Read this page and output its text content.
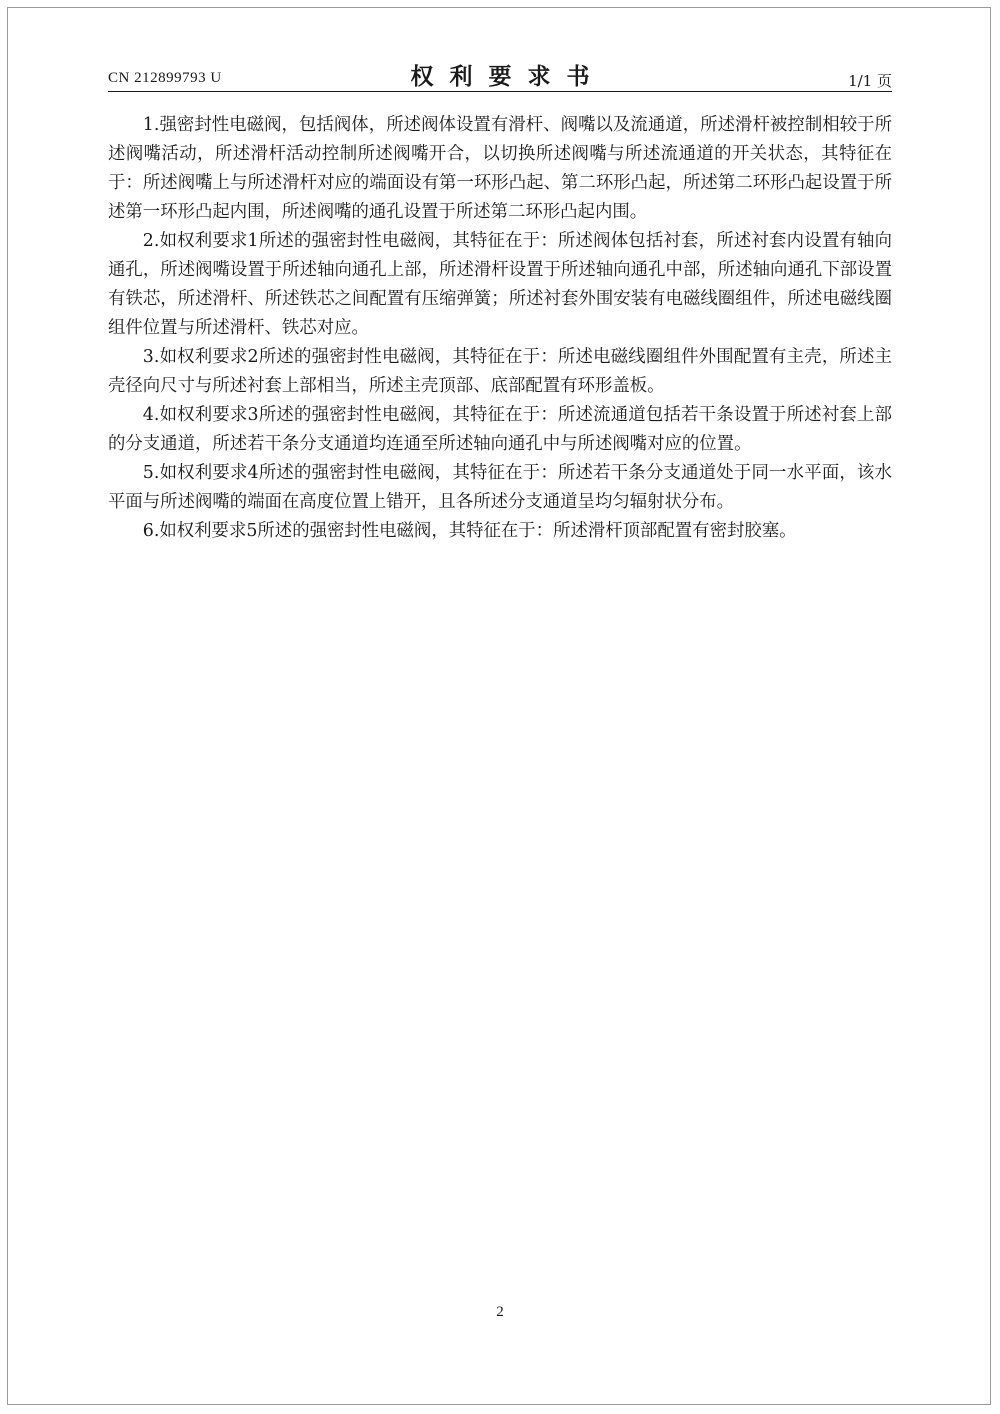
CN 212899793 U	权利要求书	1/1 页

1.强密封性电磁阀，包括阀体，所述阀体设置有滑杆、阀嘴以及流通道，所述滑杆被控制相较于所述阀嘴活动，所述滑杆活动控制所述阀嘴开合，以切换所述阀嘴与所述流通道的开关状态，其特征在于：所述阀嘴上与所述滑杆对应的端面设有第一环形凸起、第二环形凸起，所述第二环形凸起设置于所述第一环形凸起内围，所述阀嘴的通孔设置于所述第二环形凸起内围。

2.如权利要求1所述的强密封性电磁阀，其特征在于：所述阀体包括衬套，所述衬套内设置有轴向通孔，所述阀嘴设置于所述轴向通孔上部，所述滑杆设置于所述轴向通孔中部，所述轴向通孔下部设置有铁芯，所述滑杆、所述铁芯之间配置有压缩弹簧；所述衬套外围安装有电磁线圈组件，所述电磁线圈组件位置与所述滑杆、铁芯对应。

3.如权利要求2所述的强密封性电磁阀，其特征在于：所述电磁线圈组件外围配置有主壳，所述主壳径向尺寸与所述衬套上部相当，所述主壳顶部、底部配置有环形盖板。

4.如权利要求3所述的强密封性电磁阀，其特征在于：所述流通道包括若干条设置于所述衬套上部的分支通道，所述若干条分支通道均连通至所述轴向通孔中与所述阀嘴对应的位置。

5.如权利要求4所述的强密封性电磁阀，其特征在于：所述若干条分支通道处于同一水平面，该水平面与所述阀嘴的端面在高度位置上错开，且各所述分支通道呈均匀辐射状分布。

6.如权利要求5所述的强密封性电磁阀，其特征在于：所述滑杆顶部配置有密封胶塞。

2
